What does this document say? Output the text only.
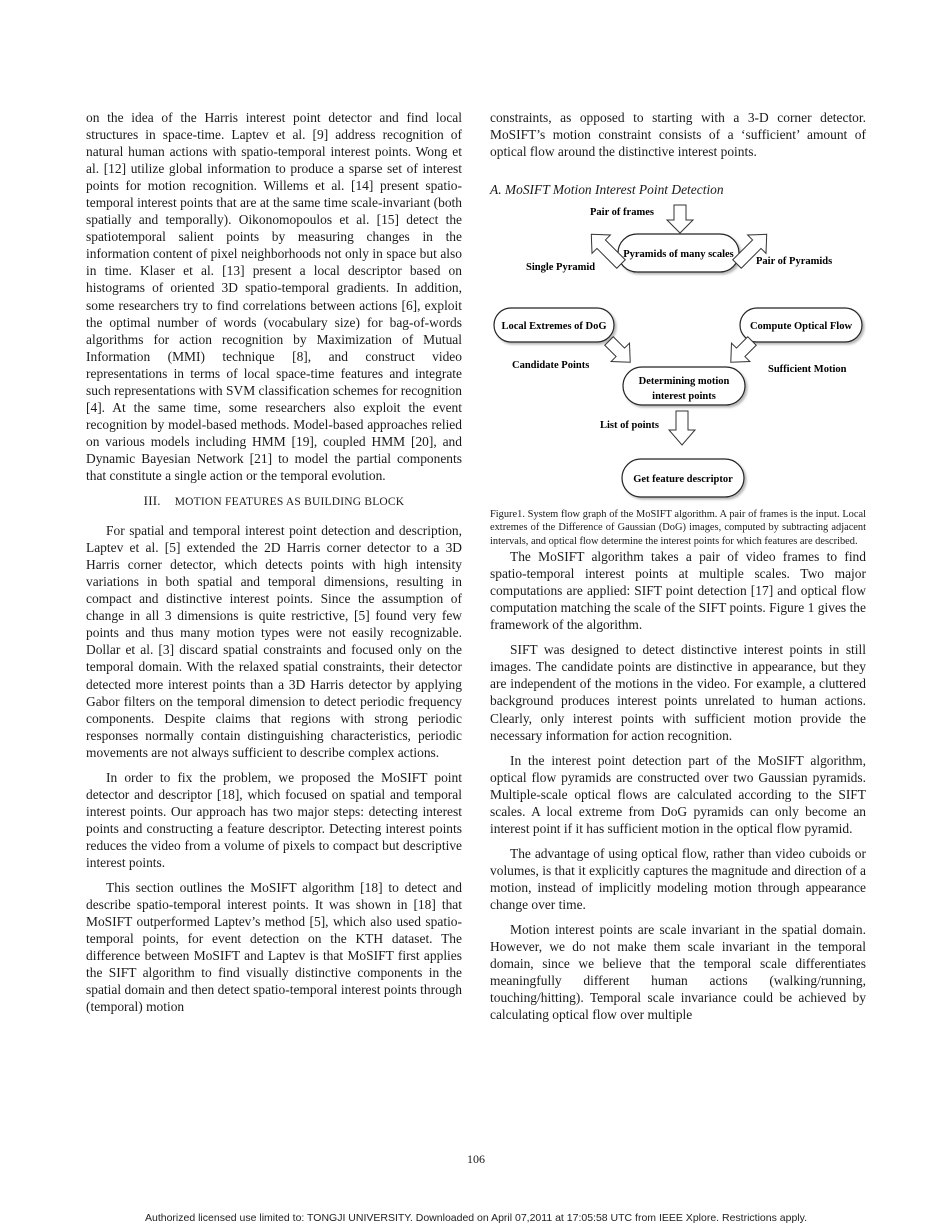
on the idea of the Harris interest point detector and find local structures in space-time. Laptev et al. [9] address recognition of natural human actions with spatio-temporal interest points. Wong et al. [12] utilize global information to produce a sparse set of interest points for motion recognition. Willems et al. [14] present spatio-temporal interest points that are at the same time scale-invariant (both spatially and temporally). Oikonomopoulos et al. [15] detect the spatiotemporal salient points by measuring changes in the information content of pixel neighborhoods not only in space but also in time. Klaser et al. [13] present a local descriptor based on histograms of oriented 3D spatio-temporal gradients. In addition, some researchers try to find correlations between actions [6], exploit the optimal number of words (vocabulary size) for bag-of-words algorithms for action recognition by Maximization of Mutual Information (MMI) technique [8], and construct video representations in terms of local space-time features and integrate such representations with SVM classification schemes for recognition [4]. At the same time, some researchers also exploit the event recognition by model-based methods. Model-based approaches relied on various models including HMM [19], coupled HMM [20], and Dynamic Bayesian Network [21] to model the partial components that constitute a single action or the temporal evolution.

III. MOTION FEATURES AS BUILDING BLOCK

For spatial and temporal interest point detection and description, Laptev et al. [5] extended the 2D Harris corner detector to a 3D Harris corner detector, which detects points with high intensity variations in both spatial and temporal dimensions, resulting in compact and distinctive interest points. Since the assumption of change in all 3 dimensions is quite restrictive, [5] found very few points and thus many motion types were not easily recognizable. Dollar et al. [3] discard spatial constraints and focused only on the temporal domain. With the relaxed spatial constraints, their detector detected more interest points than a 3D Harris detector by applying Gabor filters on the temporal dimension to detect periodic frequency components. Despite claims that regions with strong periodic responses normally contain distinguishing characteristics, periodic movements are not always sufficient to describe complex actions.

In order to fix the problem, we proposed the MoSIFT point detector and descriptor [18], which focused on spatial and temporal interest points. Our approach has two major steps: detecting interest points and constructing a feature descriptor. Detecting interest points reduces the video from a volume of pixels to compact but descriptive interest points.

This section outlines the MoSIFT algorithm [18] to detect and describe spatio-temporal interest points. It was shown in [18] that MoSIFT outperformed Laptev’s method [5], which also used spatio-temporal points, for event detection on the KTH dataset. The difference between MoSIFT and Laptev is that MoSIFT first applies the SIFT algorithm to find visually distinctive components in the spatial domain and then detect spatio-temporal interest points through (temporal) motion

constraints, as opposed to starting with a 3-D corner detector. MoSIFT’s motion constraint consists of a ‘sufficient’ amount of optical flow around the distinctive interest points.

A. MoSIFT Motion Interest Point Detection
Pair of frames
Pyramids of many scales
Single Pyramid
Pair of Pyramids
Local Extremes of DoG	Compute Optical Flow
Candidate Points	Sufficient Motion
Determining motion
interest points
List of points
Get feature descriptor

Figure1. System flow graph of the MoSIFT algorithm. A pair of frames is the input. Local extremes of the Difference of Gaussian (DoG) images, computed by subtracting adjacent intervals, and optical flow determine the interest points for which features are described.

The MoSIFT algorithm takes a pair of video frames to find spatio-temporal interest points at multiple scales. Two major computations are applied: SIFT point detection [17] and optical flow computation matching the scale of the SIFT points. Figure 1 gives the framework of the algorithm.

SIFT was designed to detect distinctive interest points in still images. The candidate points are distinctive in appearance, but they are independent of the motions in the video. For example, a cluttered background produces interest points unrelated to human actions. Clearly, only interest points with sufficient motion provide the necessary information for action recognition.

In the interest point detection part of the MoSIFT algorithm, optical flow pyramids are constructed over two Gaussian pyramids. Multiple-scale optical flows are calculated according to the SIFT scales. A local extreme from DoG pyramids can only become an interest point if it has sufficient motion in the optical flow pyramid.

The advantage of using optical flow, rather than video cuboids or volumes, is that it explicitly captures the magnitude and direction of a motion, instead of implicitly modeling motion through appearance change over time.

Motion interest points are scale invariant in the spatial domain. However, we do not make them scale invariant in the temporal domain, since we believe that the temporal scale differentiates meaningfully different human actions (walking/running, touching/hitting). Temporal scale invariance could be achieved by calculating optical flow over multiple

106
Authorized licensed use limited to: TONGJI UNIVERSITY. Downloaded on April 07,2011 at 17:05:58 UTC from IEEE Xplore. Restrictions apply.
